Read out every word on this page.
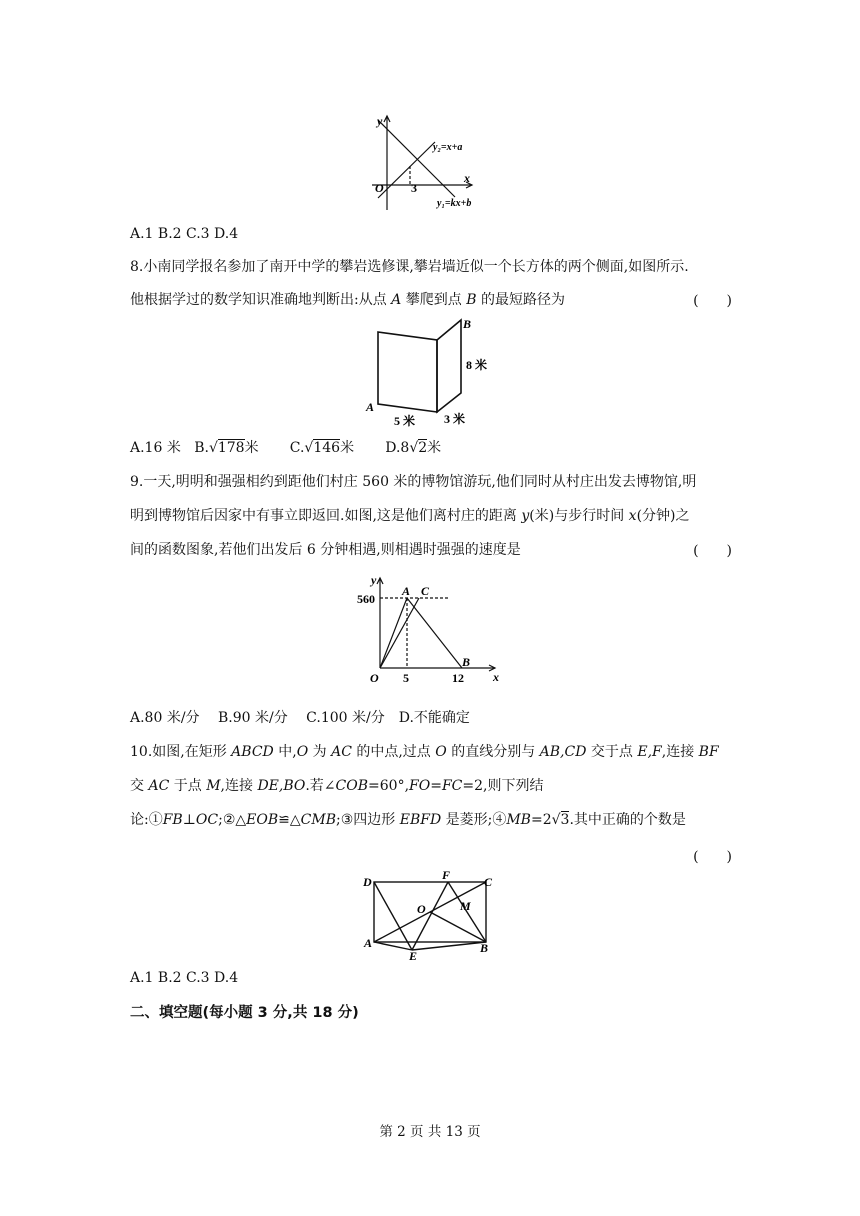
y
x
O 3
y₂=x+a
y₁=kx+b
A.1 B.2 C.3 D.4
8.小南同学报名参加了南开中学的攀岩选修课,攀岩墙近似一个长方体的两个侧面,如图所示.
他根据学过的数学知识准确地判断出:从点 A 攀爬到点 B 的最短路径为	(　　)
B
A
8 米
5 米 3 米
A.16 米 B.√178米 C.√146米 D.8√2米
9.一天,明明和强强相约到距他们村庄 560 米的博物馆游玩,他们同时从村庄出发去博物馆,明
明到博物馆后因家中有事立即返回.如图,这是他们离村庄的距离 y(米)与步行时间 x(分钟)之
间的函数图象,若他们出发后 6 分钟相遇,则相遇时强强的速度是	(　　)
y
x
O
560
A C
B
5	12
A.80 米/分　 B.90 米/分　 C.100 米/分　D.不能确定
10.如图,在矩形 ABCD 中,O 为 AC 的中点,过点 O 的直线分别与 AB,CD 交于点 E,F,连接 BF
交 AC 于点 M,连接 DE,BO.若∠COB=60°,FO=FC=2,则下列结
论:①FB⊥OC;②△EOB≌△CMB;③四边形 EBFD 是菱形;④MB=2√3.其中正确的个数是
(　　)
D	F	C
O	M
A
E
B
A.1 B.2 C.3 D.4
二、填空题(每小题 3 分,共 18 分)
第 2 页 共 13 页
